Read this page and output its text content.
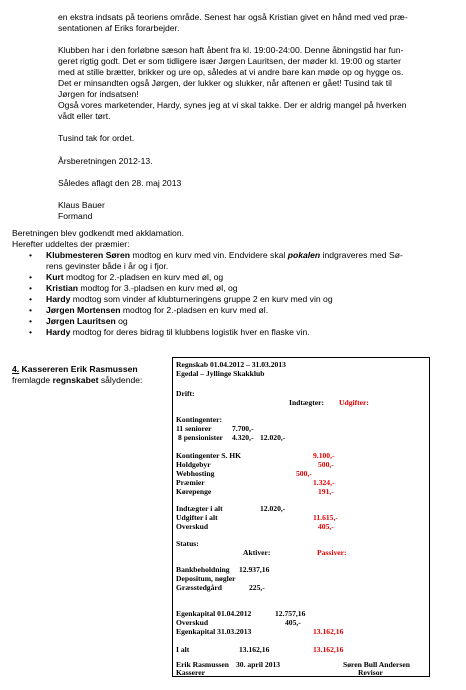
en ekstra indsats på teoriens område. Senest har også Kristian givet en hånd med ved præ-
sentationen af Eriks forarbejder.
Klubben har i den forløbne sæson haft åbent fra kl. 19:00-24:00. Denne åbningstid har fun-
geret rigtig godt. Det er som tidligere især Jørgen Lauritsen, der møder kl. 19:00 og starter
med at stille brætter, brikker og ure op, således at vi andre bare kan møde op og hygge os.
Det er minsandten også Jørgen, der lukker og slukker, når aftenen er gået! Tusind tak til
Jørgen for indsatsen!
Også vores marketender, Hardy, synes jeg at vi skal takke. Der er aldrig mangel på hverken
vådt eller tørt.
Tusind tak for ordet.
Årsberetningen 2012-13.
Således aflagt den 28. maj 2013
Klaus Bauer
Formand
Beretningen blev godkendt med akklamation.
Herefter uddeltes der præmier:
• Klubmesteren Søren modtog en kurv med vin. Endvidere skal pokalen indgraveres med Sø-
rens gevinster både i år og i fjor.
• Kurt modtog for 2.-pladsen en kurv med øl, og
• Kristian modtog for 3.-pladsen en kurv med øl, og
• Hardy modtog som vinder af klubturneringens gruppe 2 en kurv med vin og
• Jørgen Mortensen modtog for 2.-pladsen en kurv med øl.
• Jørgen Lauritsen og
• Hardy modtog for deres bidrag til klubbens logistik hver en flaske vin.
4. Kassereren Erik Rasmussen
fremlagde regnskabet sålydende:
Regnskab 01.04.2012 – 31.03.2013
Egedal – Jyllinge Skakklub
Drift:
Indtægter: Udgifter:
Kontingenter:
11 seniorer	7.700,-
8 pensionister 4.320,- 12.020,-
Kontingenter S. HK	9.100,-
Holdgebyr	500,-
Webhosting	500,-
Præmier	1.324,-
Kørepenge	191,-
Indtægter i alt	12.020,-
Udgifter i alt	11.615,-
Overskud	405,-
Status:
Aktiver:	Passiver:
Bankbeholdning 12.937,16
Depositum, nøgler
Græsstedgård	225,-
Egenkapital 01.04.2012	12.757,16
Overskud	405,-
Egenkapital 31.03.2013	13.162,16
I alt	13.162,16	13.162,16
Erik Rasmussen 30. april 2013	Søren Bull Andersen
Kasserer	Revisor
